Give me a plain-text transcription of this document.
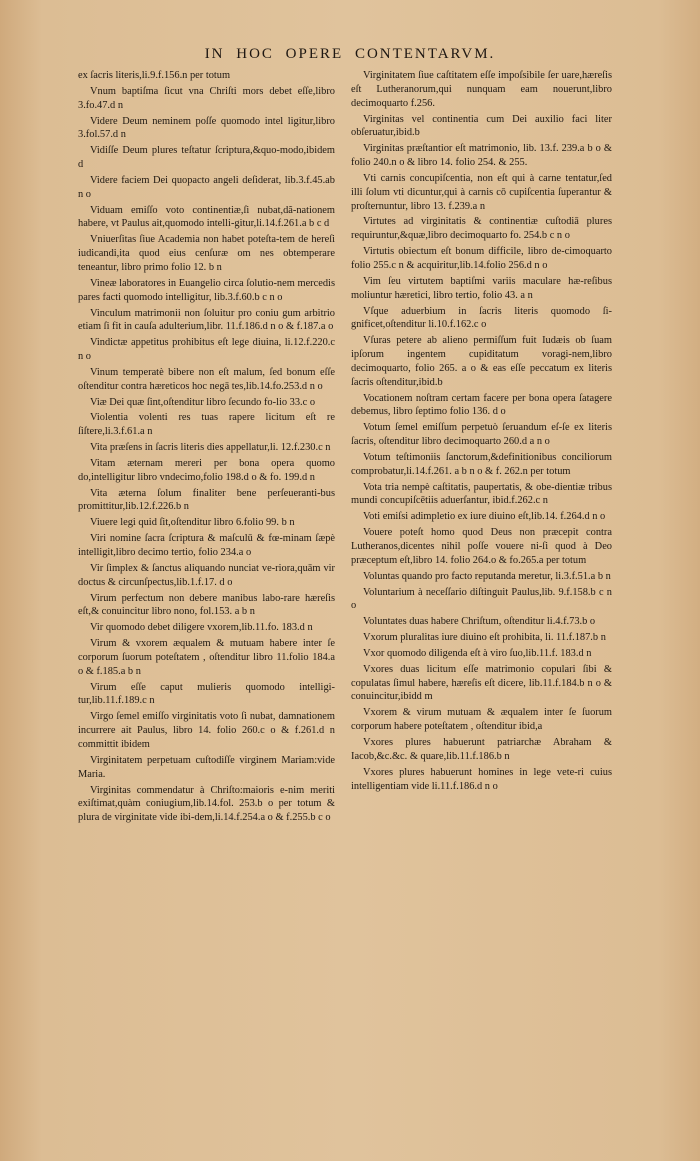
IN HOC OPERE CONTENTARVM.

ex ſacris literis,li.9.f.156.n per totum

Vnum baptiſma ſicut vna Chriſti mors debet eſſe,libro 3.fo.47.d n

Videre Deum neminem poſſe quomodo intel ligitur,libro 3.fol.57.d n

Vidiſſe Deum plures teſtatur ſcriptura,&quo-modo,ibidem d

Videre faciem Dei quopacto angeli deſiderat, lib.3.f.45.ab n o

Viduam emiſſo voto continentiæ,ſi nubat,dã-nationem habere, vt Paulus ait,quomodo intelli-gitur,li.14.f.261.a b c d

Vniuerſitas ſiue Academia non habet poteſta-tem de hereſi iudicandi,ita quod eius cenſuræ om nes obtemperare teneantur, libro primo folio 12. b n

Vineæ laboratores in Euangelio circa ſolutio-nem mercedis pares facti quomodo intelligitur, lib.3.f.60.b c n o

Vinculum matrimonii non ſoluitur pro coniu gum arbitrio etiam ſi fit in cauſa adulterium,libr. 11.f.186.d n o & f.187.a o

Vindictæ appetitus prohibitus eſt lege diuina, li.12.f.220.c n o

Vinum temperatè bibere non eſt malum, ſed bonum eſſe oſtenditur contra hæreticos hoc negā tes,lib.14.fo.253.d n o

Viæ Dei quæ ſint,oſtenditur libro ſecundo fo-lio 33.c o

Violentia volenti res tuas rapere licitum eſt re ſiſtere,li.3.f.61.a n

Vita præſens in ſacris literis dies appellatur,li. 12.f.230.c n

Vitam æternam mereri per bona opera quomo do,intelligitur libro vndecimo,folio 198.d o & fo. 199.d n

Vita æterna ſolum finaliter bene perſeueranti-bus promittitur,lib.12.f.226.b n

Viuere legi quid ſit,oſtenditur libro 6.folio 99. b n

Viri nomine ſacra ſcriptura & maſculū & fœ-minam ſæpè intelligit,libro decimo tertio, folio 234.a o

Vir ſimplex & ſanctus aliquando nunciat ve-riora,quām vir doctus & circunſpectus,lib.1.f.17. d o

Virum perfectum non debere manibus labo-rare hæreſis eſt,& conuincitur libro nono, fol.153. a b n

Vir quomodo debet diligere vxorem,lib.11.fo. 183.d n

Virum & vxorem æqualem & mutuam habere inter ſe corporum ſuorum poteſtatem , oſtenditur libro 11.folio 184.a o & f.185.a b n

Virum eſſe caput mulieris quomodo intelligi-tur,lib.11.f.189.c n

Virgo ſemel emiſſo virginitatis voto ſi nubat, damnationem incurrere ait Paulus, libro 14. folio 260.c o & f.261.d n committit ibidem

Virginitatem perpetuam cuſtodiſſe virginem Mariam:vide Maria.

Virginitas commendatur à Chriſto:maioris e-nim meriti exiſtimat,quàm coniugium,lib.14.fol. 253.b o per totum & plura de virginitate vide ibi-dem,li.14.f.254.a o & f.255.b c o

Virginitatem ſiue caſtitatem eſſe impoſsibile ſer uare,hæreſis eſt Lutheranorum,qui nunquam eam nouerunt,libro decimoquarto f.256.

Virginitas vel continentia cum Dei auxilio faci liter obſeruatur,ibid.b

Virginitas præſtantior eſt matrimonio, lib. 13.f. 239.a b o & folio 240.n o & libro 14. folio 254. & 255.

Vti carnis concupiſcentia, non eſt qui à carne tentatur,ſed illi ſolum vti dicuntur,qui à carnis cō cupiſcentia ſuperantur & proſternuntur, libro 13. f.239.a n

Virtutes ad virginitatis & continentiæ cuſtodiā plures requiruntur,&quæ,libro decimoquarto fo. 254.b c n o

Virtutis obiectum eſt bonum difficile, libro de-cimoquarto folio 255.c n & acquiritur,lib.14.folio 256.d n o

Vim ſeu virtutem baptiſmi variis maculare hæ-reſibus moliuntur hæretici, libro tertio, folio 43. a n

Vſque aduerbium in ſacris literis quomodo ſi-gnificet,oſtenditur li.10.f.162.c o

Vſuras petere ab alieno permiſſum fuit Iudæis ob ſuam ipſorum ingentem cupiditatum voragi-nem,libro decimoquarto, folio 265. a o & eas eſſe peccatum ex literis ſacris oſtenditur,ibid.b

Vocationem noſtram certam facere per bona opera ſatagere debemus, libro ſeptimo folio 136. d o

Votum ſemel emiſſum perpetuò ſeruandum eſ-ſe ex literis ſacris, oſtenditur libro decimoquarto 260.d a n o

Votum teſtimoniis ſanctorum,&definitionibus conciliorum comprobatur,li.14.f.261. a b n o & f. 262.n per totum

Vota tria nempè caſtitatis, paupertatis, & obe-dientiæ tribus mundi concupiſcētiis aduerſantur, ibid.f.262.c n

Voti emiſsi adimpletio ex iure diuino eſt,lib.14. f.264.d n o

Vouere poteſt homo quod Deus non præcepit contra Lutheranos,dicentes nihil poſſe vouere ni-ſi quod à Deo præceptum eſt,libro 14. folio 264.o & fo.265.a per totum

Voluntas quando pro facto reputanda meretur, li.3.f.51.a b n

Voluntarium à neceſſario diſtinguit Paulus,lib. 9.f.158.b c n o

Voluntates duas habere Chriſtum, oſtenditur li.4.f.73.b o

Vxorum pluralitas iure diuino eſt prohibita, li. 11.f.187.b n

Vxor quomodo diligenda eſt à viro ſuo,lib.11.f. 183.d n

Vxores duas licitum eſſe matrimonio copulari ſibi & copulatas ſimul habere, hæreſis eſt dicere, lib.11.f.184.b n o & conuincitur,ibidd m

Vxorem & virum mutuam & æqualem inter ſe ſuorum corporum habere poteſtatem , oſtenditur ibid,a

Vxores plures habuerunt patriarchæ Abraham & Iacob,&c.&c. & quare,lib.11.f.186.b n

Vxores plures habuerunt homines in lege vete-ri cuius intelligentiam vide li.11.f.186.d n o
